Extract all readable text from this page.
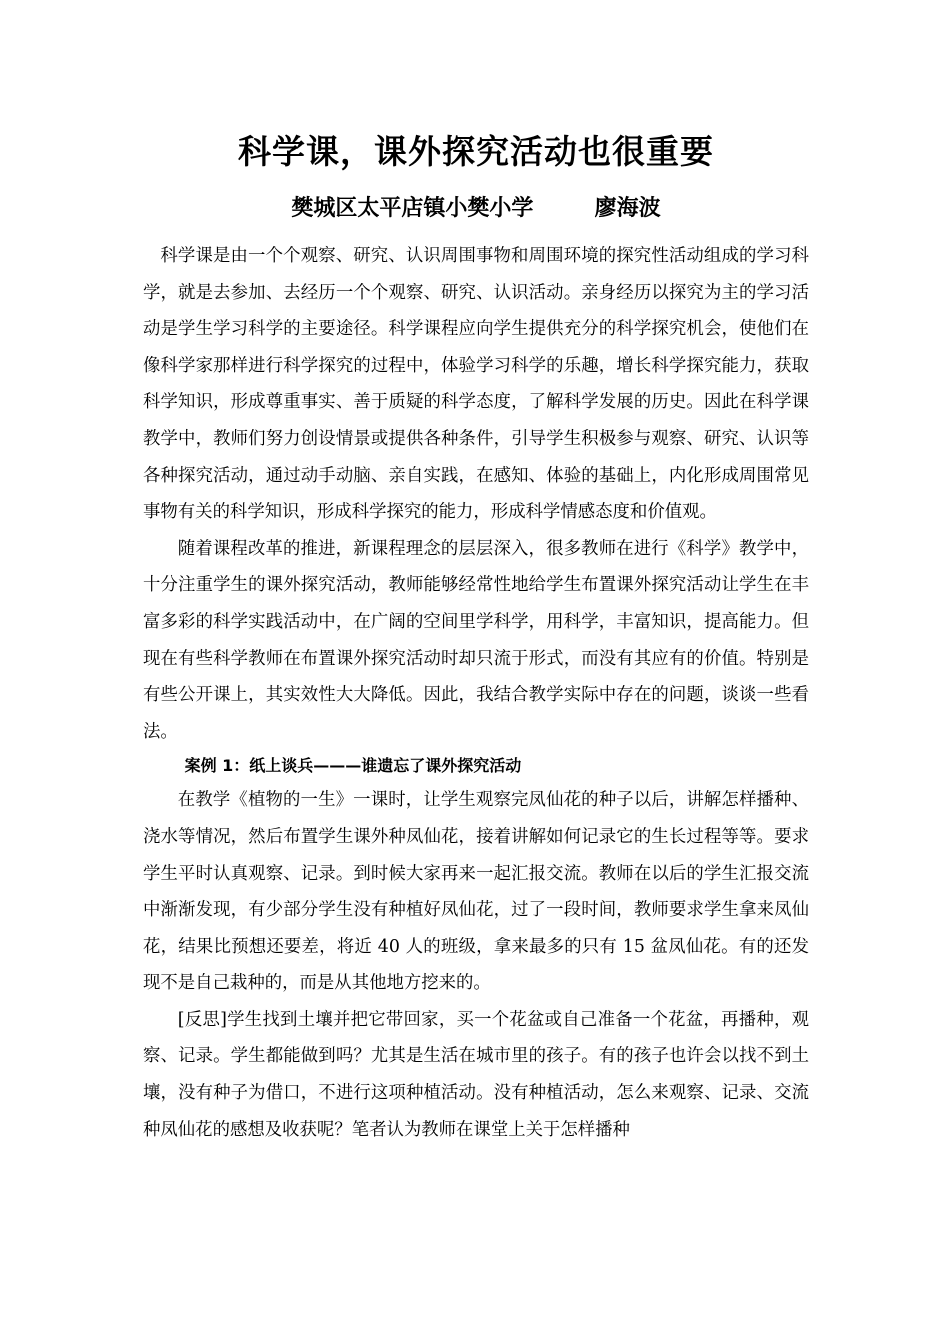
科学课，课外探究活动也很重要
樊城区太平店镇小樊小学        廖海波

科学课是由一个个观察、研究、认识周围事物和周围环境的探究性活动组成的学习科学，就是去参加、去经历一个个观察、研究、认识活动。亲身经历以探究为主的学习活动是学生学习科学的主要途径。科学课程应向学生提供充分的科学探究机会，使他们在像科学家那样进行科学探究的过程中，体验学习科学的乐趣，增长科学探究能力，获取科学知识，形成尊重事实、善于质疑的科学态度，了解科学发展的历史。因此在科学课教学中，教师们努力创设情景或提供各种条件，引导学生积极参与观察、研究、认识等各种探究活动，通过动手动脑、亲自实践，在感知、体验的基础上，内化形成周围常见事物有关的科学知识，形成科学探究的能力，形成科学情感态度和价值观。

随着课程改革的推进，新课程理念的层层深入，很多教师在进行《科学》教学中，十分注重学生的课外探究活动，教师能够经常性地给学生布置课外探究活动让学生在丰富多彩的科学实践活动中，在广阔的空间里学科学，用科学，丰富知识，提高能力。但现在有些科学教师在布置课外探究活动时却只流于形式，而没有其应有的价值。特别是有些公开课上，其实效性大大降低。因此，我结合教学实际中存在的问题，谈谈一些看法。

案例 1：纸上谈兵———谁遗忘了课外探究活动

在教学《植物的一生》一课时，让学生观察完凤仙花的种子以后，讲解怎样播种、浇水等情况，然后布置学生课外种凤仙花，接着讲解如何记录它的生长过程等等。要求学生平时认真观察、记录。到时候大家再来一起汇报交流。教师在以后的学生汇报交流中渐渐发现，有少部分学生没有种植好凤仙花，过了一段时间，教师要求学生拿来凤仙花，结果比预想还要差，将近 40 人的班级，拿来最多的只有 15 盆凤仙花。有的还发现不是自己栽种的，而是从其他地方挖来的。

[反思]学生找到土壤并把它带回家，买一个花盆或自己准备一个花盆，再播种，观察、记录。学生都能做到吗？尤其是生活在城市里的孩子。有的孩子也许会以找不到土壤，没有种子为借口，不进行这项种植活动。没有种植活动，怎么来观察、记录、交流种凤仙花的感想及收获呢？笔者认为教师在课堂上关于怎样播种
